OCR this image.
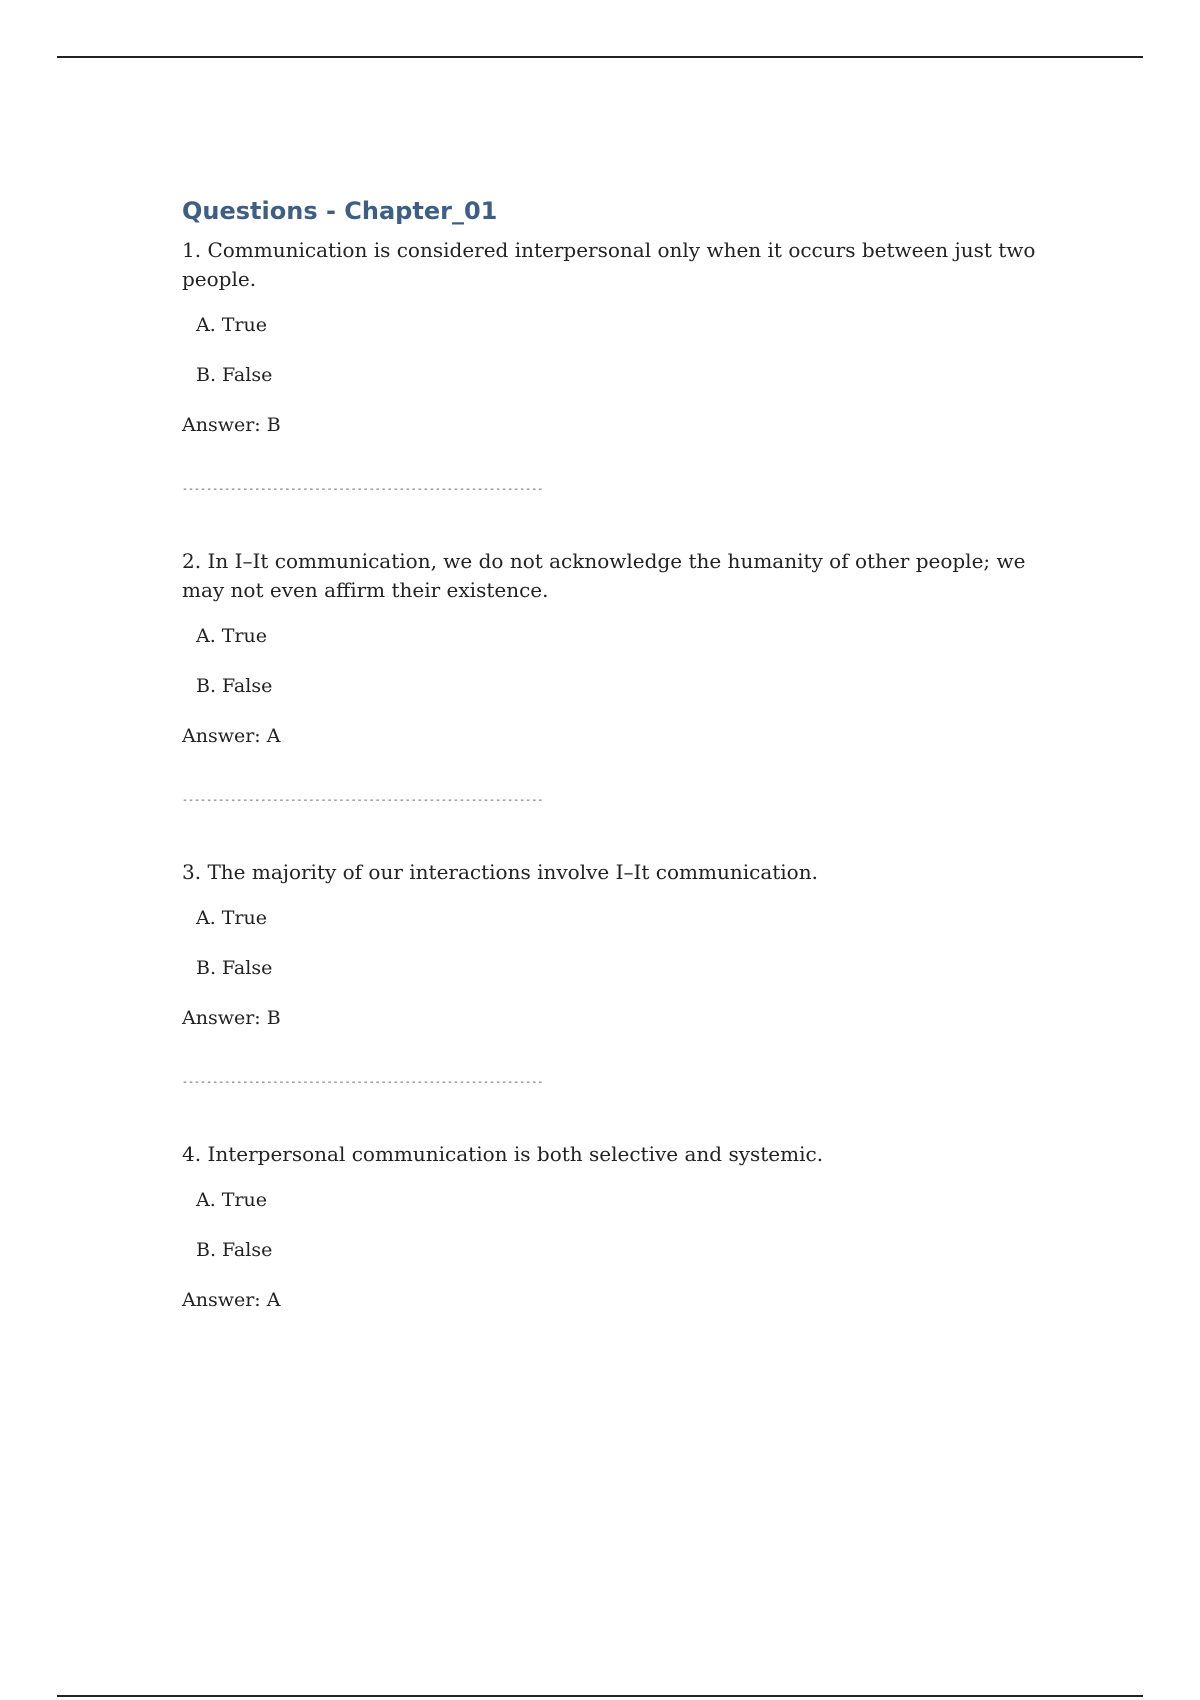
Questions - Chapter_01

1. Communication is considered interpersonal only when it occurs between just two people.

A. True

B. False

Answer: B

------------------------------------------------------------

2. In I–It communication, we do not acknowledge the humanity of other people; we may not even affirm their existence.

A. True

B. False

Answer: A

------------------------------------------------------------

3. The majority of our interactions involve I–It communication.

A. True

B. False

Answer: B

------------------------------------------------------------

4. Interpersonal communication is both selective and systemic.

A. True

B. False

Answer: A
